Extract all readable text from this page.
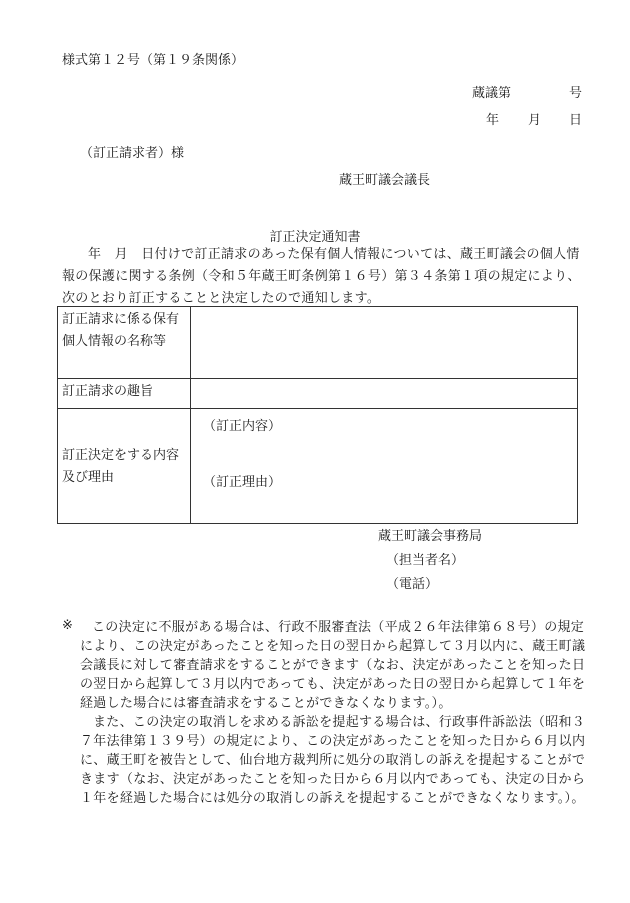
様式第１２号（第１９条関係）
蔵議第	号
年 月 日
（訂正請求者）様
蔵王町議会議長
訂正決定通知書
年　月　日付けで訂正請求のあった保有個人情報については、蔵王町議会の個人情報の保護に関する条例（令和５年蔵王町条例第１６号）第３４条第１項の規定により、次のとおり訂正することと決定したので通知します。
訂正請求に係る保有個人情報の名称等	
訂正請求の趣旨	
訂正決定をする内容及び理由	（訂正内容）
（訂正理由）
蔵王町議会事務局
（担当者名）
（電話）
※	この決定に不服がある場合は、行政不服審査法（平成２６年法律第６８号）の規定により、この決定があったことを知った日の翌日から起算して３月以内に、蔵王町議会議長に対して審査請求をすることができます（なお、決定があったことを知った日の翌日から起算して３月以内であっても、決定があった日の翌日から起算して１年を経過した場合には審査請求をすることができなくなります。）。

また、この決定の取消しを求める訴訟を提起する場合は、行政事件訴訟法（昭和３７年法律第１３９号）の規定により、この決定があったことを知った日から６月以内に、蔵王町を被告として、仙台地方裁判所に処分の取消しの訴えを提起することができます（なお、決定があったことを知った日から６月以内であっても、決定の日から１年を経過した場合には処分の取消しの訴えを提起することができなくなります。）。
